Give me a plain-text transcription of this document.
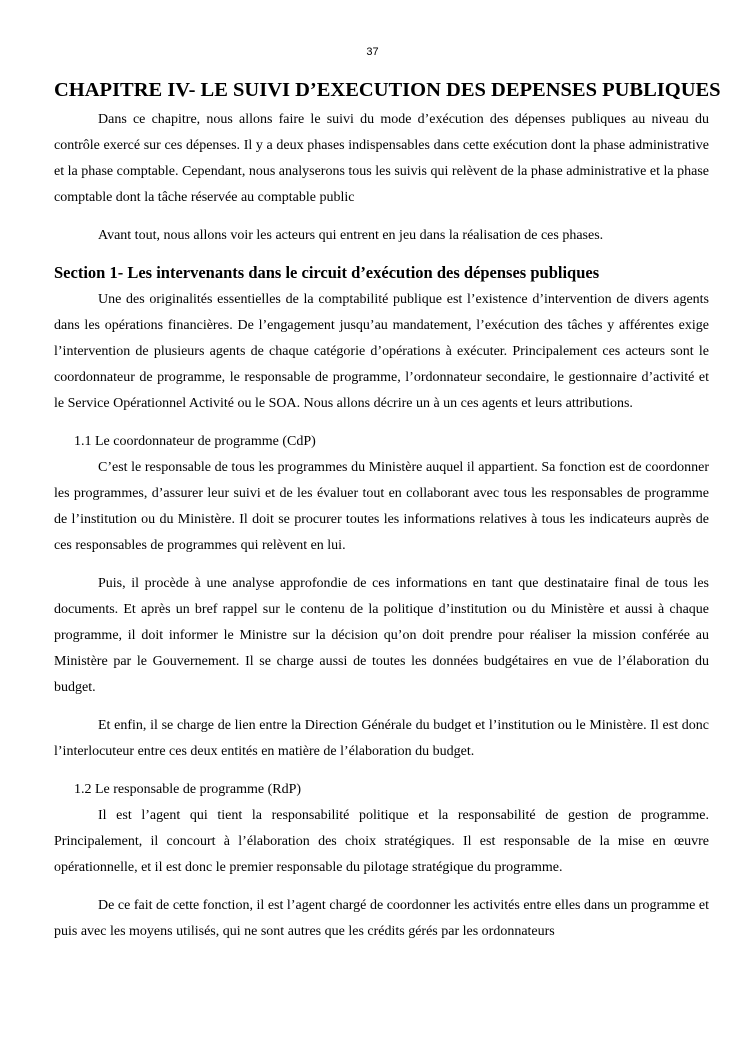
37
CHAPITRE IV- LE SUIVI D’EXECUTION DES DEPENSES PUBLIQUES

Dans ce chapitre, nous allons faire le suivi du mode d’exécution des dépenses publiques au niveau du contrôle exercé sur ces dépenses. Il y a deux phases indispensables dans cette exécution dont la phase administrative et la phase comptable. Cependant, nous analyserons tous les suivis qui relèvent de la phase administrative et la phase comptable dont la tâche réservée au comptable public

Avant tout, nous allons voir les acteurs qui entrent en jeu dans la réalisation de ces phases.

Section 1- Les intervenants dans le circuit d’exécution des dépenses publiques

Une des originalités essentielles de la comptabilité publique est l’existence d’intervention de divers agents dans les opérations financières. De l’engagement jusqu’au mandatement, l’exécution des tâches y afférentes exige l’intervention de plusieurs agents de chaque catégorie d’opérations à exécuter. Principalement ces acteurs sont le coordonnateur de programme, le responsable de programme, l’ordonnateur secondaire, le gestionnaire d’activité et le Service Opérationnel Activité ou le SOA. Nous allons décrire un à un ces agents et leurs attributions.

1.1 Le coordonnateur de programme (CdP)

C’est le responsable de tous les programmes du Ministère auquel il appartient. Sa fonction est de coordonner les programmes, d’assurer leur suivi et de les évaluer tout en collaborant avec tous les responsables de programme de l’institution ou du Ministère. Il doit se procurer toutes les informations relatives à tous les indicateurs auprès de ces responsables de programmes qui relèvent en lui.

Puis, il procède à une analyse approfondie de ces informations en tant que destinataire final de tous les documents. Et après un bref rappel sur le contenu de la politique d’institution ou du Ministère et aussi à chaque programme, il doit informer le Ministre sur la décision qu’on doit prendre pour réaliser la mission conférée au Ministère par le Gouvernement. Il se charge aussi de toutes les données budgétaires en vue de l’élaboration du budget.

Et enfin, il se charge de lien entre la Direction Générale du budget et l’institution ou le Ministère. Il est donc l’interlocuteur entre ces deux entités en matière de l’élaboration du budget.

1.2 Le responsable de programme (RdP)

Il est l’agent qui tient la responsabilité politique et la responsabilité de gestion de programme. Principalement, il concourt à l’élaboration des choix stratégiques. Il est responsable de la mise en œuvre opérationnelle, et il est donc le premier responsable du pilotage stratégique du programme.

De ce fait de cette fonction, il est l’agent chargé de coordonner les activités entre elles dans un programme et puis avec les moyens utilisés, qui ne sont autres que les crédits gérés par les ordonnateurs
